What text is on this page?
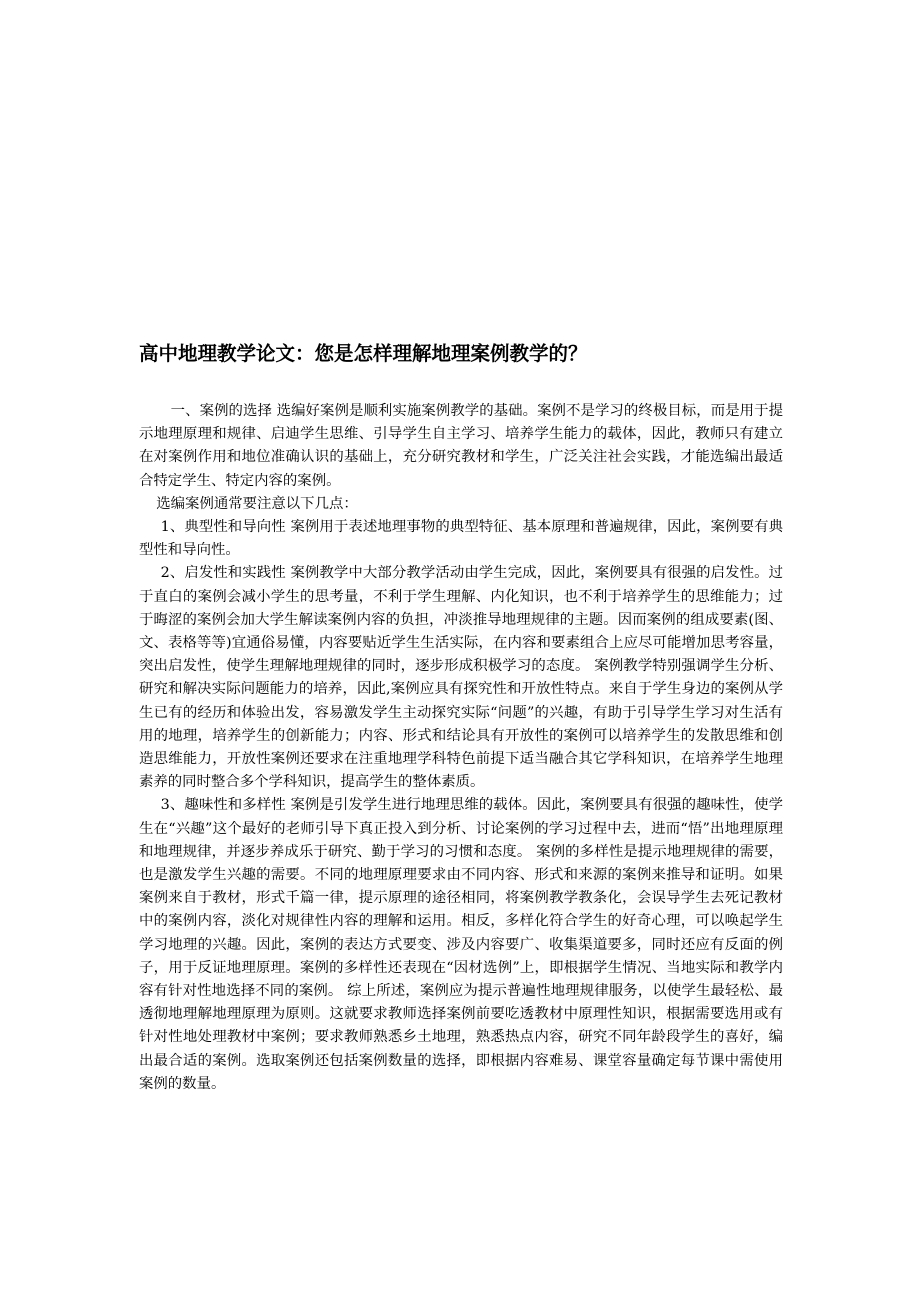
高中地理教学论文：您是怎样理解地理案例教学的？

一、案例的选择 选编好案例是顺利实施案例教学的基础。案例不是学习的终极目标，而是用于提示地理原理和规律、启迪学生思维、引导学生自主学习、培养学生能力的载体，因此，教师只有建立在对案例作用和地位准确认识的基础上，充分研究教材和学生，广泛关注社会实践，才能选编出最适合特定学生、特定内容的案例。

选编案例通常要注意以下几点：

1、典型性和导向性 案例用于表述地理事物的典型特征、基本原理和普遍规律，因此，案例要有典型性和导向性。

2、启发性和实践性 案例教学中大部分教学活动由学生完成，因此，案例要具有很强的启发性。过于直白的案例会减小学生的思考量，不利于学生理解、内化知识，也不利于培养学生的思维能力；过于晦涩的案例会加大学生解读案例内容的负担，冲淡推导地理规律的主题。因而案例的组成要素(图、文、表格等等)宜通俗易懂，内容要贴近学生生活实际，在内容和要素组合上应尽可能增加思考容量，突出启发性，使学生理解地理规律的同时，逐步形成积极学习的态度。 案例教学特别强调学生分析、研究和解决实际问题能力的培养，因此,案例应具有探究性和开放性特点。来自于学生身边的案例从学生已有的经历和体验出发，容易激发学生主动探究实际“问题”的兴趣，有助于引导学生学习对生活有用的地理，培养学生的创新能力；内容、形式和结论具有开放性的案例可以培养学生的发散思维和创造思维能力，开放性案例还要求在注重地理学科特色前提下适当融合其它学科知识，在培养学生地理素养的同时整合多个学科知识，提高学生的整体素质。

3、趣味性和多样性 案例是引发学生进行地理思维的载体。因此，案例要具有很强的趣味性，使学生在“兴趣”这个最好的老师引导下真正投入到分析、讨论案例的学习过程中去，进而“悟”出地理原理和地理规律，并逐步养成乐于研究、勤于学习的习惯和态度。 案例的多样性是提示地理规律的需要，也是激发学生兴趣的需要。不同的地理原理要求由不同内容、形式和来源的案例来推导和证明。如果案例来自于教材，形式千篇一律，提示原理的途径相同，将案例教学教条化，会误导学生去死记教材中的案例内容，淡化对规律性内容的理解和运用。相反，多样化符合学生的好奇心理，可以唤起学生学习地理的兴趣。因此，案例的表达方式要变、涉及内容要广、收集渠道要多，同时还应有反面的例子，用于反证地理原理。案例的多样性还表现在“因材选例”上，即根据学生情况、当地实际和教学内容有针对性地选择不同的案例。 综上所述，案例应为提示普遍性地理规律服务，以使学生最轻松、最透彻地理解地理原理为原则。这就要求教师选择案例前要吃透教材中原理性知识，根据需要选用或有针对性地处理教材中案例；要求教师熟悉乡土地理，熟悉热点内容，研究不同年龄段学生的喜好，编出最合适的案例。选取案例还包括案例数量的选择，即根据内容难易、课堂容量确定每节课中需使用案例的数量。
